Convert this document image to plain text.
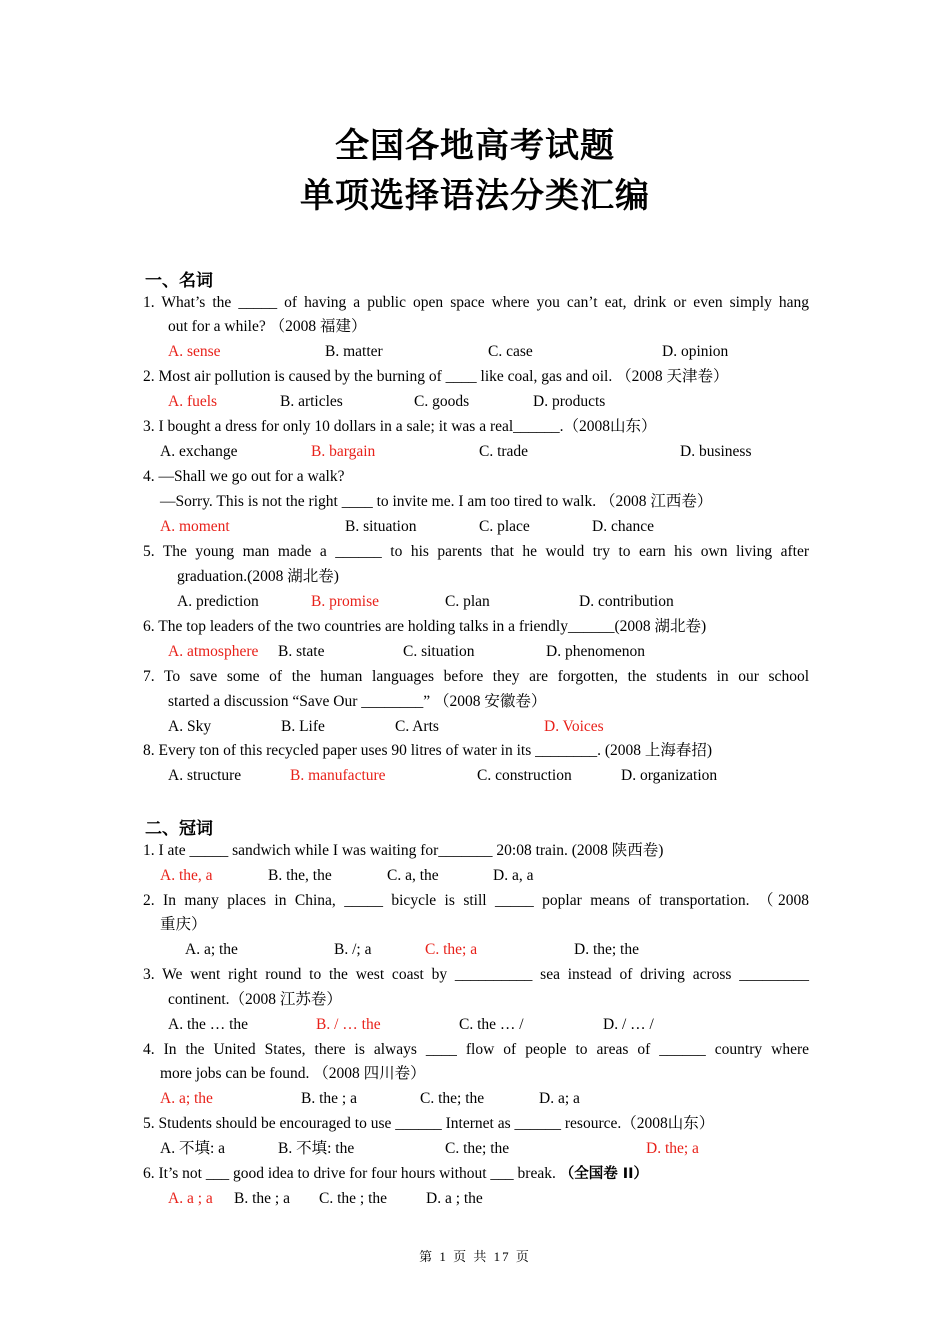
全国各地高考试题
单项选择语法分类汇编
一、名词
1. What’s the _____ of having a public open space where you can’t eat, drink or even simply hang
out for a while? （2008 福建）
A. sense	B. matter	C. case	D. opinion
2. Most air pollution is caused by the burning of ____ like coal, gas and oil. （2008 天津卷）
A. fuels	B. articles	C. goods	D. products
3. I bought a dress for only 10 dollars in a sale; it was a real______.（2008山东）
A. exchange	B. bargain	C. trade	D. business
4. —Shall we go out for a walk?
—Sorry. This is not the right ____ to invite me. I am too tired to walk. （2008 江西卷）
A. moment	B. situation	C. place	D. chance
5. The young man made a ______ to his parents that he would try to earn his own living after
graduation.(2008 湖北卷)
A. prediction	B. promise	C. plan	D. contribution
6. The top leaders of the two countries are holding talks in a friendly______(2008 湖北卷)
A. atmosphere B. state	C. situation	D. phenomenon
7. To save some of the human languages before they are forgotten, the students in our school
started a discussion “Save Our ________” （2008 安徽卷）
A. Sky	B. Life	C. Arts	D. Voices
8. Every ton of this recycled paper uses 90 litres of water in its ________. (2008 上海春招)
A. structure	B. manufacture	C. construction	D. organization
二、冠词
1. I ate _____ sandwich while I was waiting for_______ 20:08 train. (2008 陕西卷)
A. the, a	B. the, the	C. a, the	D. a, a
2. In many places in China, _____ bicycle is still _____ poplar means of transportation. （2008
重庆）
A. a; the	B. /; a	C. the; a	D. the; the
3. We went right round to the west coast by __________ sea instead of driving across _________
continent.（2008 江苏卷）
A. the … the	B. / … the	C. the … /	D. / … /
4. In the United States, there is always ____ flow of people to areas of ______ country where
more jobs can be found. （2008 四川卷）
A. a; the	B. the ; a	C. the; the	D. a; a
5. Students should be encouraged to use ______ Internet as ______ resource.（2008山东）
A. 不填: a	B. 不填: the	C. the; the	D. the; a
6. It’s not ___ good idea to drive for four hours without ___ break. （全国卷 II）
A. a ; a B. the ; a C. the ; the	D. a ; the
第 1 页 共 17 页
